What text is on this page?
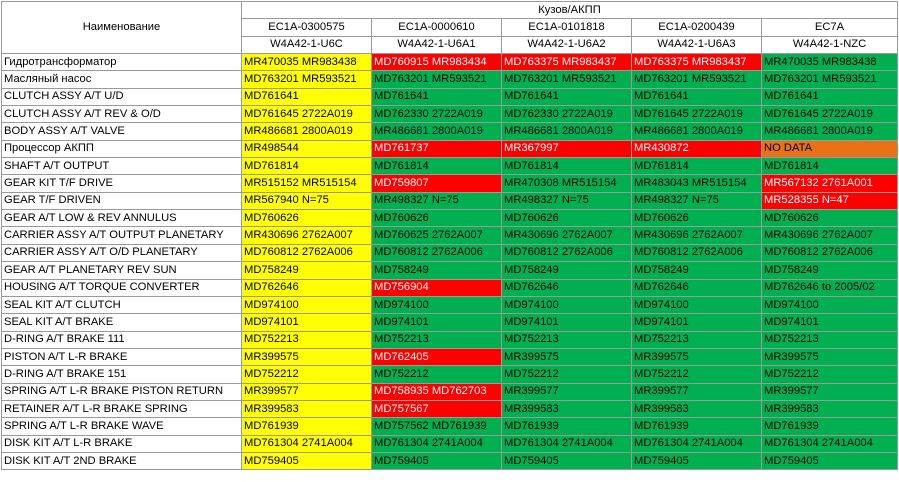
Наименование	Кузов/АКПП				
	EC1A-0300575	EC1A-0000610	EC1A-0101818	EC1A-0200439	EC7A
	W4A42-1-U6C	W4A42-1-U6A1	W4A42-1-U6A2	W4A42-1-U6A3	W4A42-1-NZC
Гидротрансформатор	MR470035 MR983438	MD760915 MR983434	MD763375 MR983437	MD763375 MR983437	MR470035 MR983438
Масляный насос	MD763201 MR593521	MD763201 MR593521	MD763201 MR593521	MD763201 MR593521	MD763201 MR593521
CLUTCH ASSY A/T U/D	MD761641	MD761641	MD761641	MD761641	MD761641
CLUTCH ASSY A/T REV & O/D	MD761645 2722A019	MD762330 2722A019	MD762330 2722A019	MD761645 2722A019	MD761645 2722A019
BODY ASSY A/T VALVE	MR486681 2800A019	MR486681 2800A019	MR486681 2800A019	MR486681 2800A019	MR486681 2800A019
Процессор АКПП	MR498544	MD761737	MR367997	MR430872	NO DATA
SHAFT A/T OUTPUT	MD761814	MD761814	MD761814	MD761814	MD761814
GEAR KIT T/F DRIVE	MR515152 MR515154	MD759807	MR470308 MR515154	MR483043 MR515154	MR567132 2761A001
GEAR T/F DRIVEN	MR567940 N=75	MR498327 N=75	MR498327 N=75	MR498327 N=75	MR528355 N=47
GEAR A/T LOW & REV ANNULUS	MD760626	MD760626	MD760626	MD760626	MD760626
CARRIER ASSY A/T OUTPUT PLANETARY	MR430696 2762A007	MD760625 2762A007	MR430696 2762A007	MR430696 2762A007	MR430696 2762A007
CARRIER ASSY A/T O/D PLANETARY	MD760812 2762A006	MD760812 2762A006	MD760812 2762A006	MD760812 2762A006	MD760812 2762A006
GEAR A/T PLANETARY REV SUN	MD758249	MD758249	MD758249	MD758249	MD758249
HOUSING A/T TORQUE CONVERTER	MD762646	MD756904	MD762646	MD762646	MD762646 to 2005/02
SEAL KIT A/T CLUTCH	MD974100	MD974100	MD974100	MD974100	MD974100
SEAL KIT A/T BRAKE	MD974101	MD974101	MD974101	MD974101	MD974101
D-RING A/T BRAKE 111	MD752213	MD752213	MD752213	MD752213	MD752213
PISTON A/T L-R BRAKE	MR399575	MD762405	MR399575	MR399575	MR399575
D-RING A/T BRAKE 151	MD752212	MD752212	MD752212	MD752212	MD752212
SPRING A/T L-R BRAKE PISTON RETURN	MR399577	MD758935 MD762703	MR399577	MR399577	MR399577
RETAINER A/T L-R BRAKE SPRING	MR399583	MD757567	MR399583	MR399583	MR399583
SPRING A/T L-R BRAKE WAVE	MD761939	MD757562 MD761939	MD761939	MD761939	MD761939
DISK KIT A/T L-R BRAKE	MD761304 2741A004	MD761304 2741A004	MD761304 2741A004	MD761304 2741A004	MD761304 2741A004
DISK KIT A/T 2ND BRAKE	MD759405	MD759405	MD759405	MD759405	MD759405
